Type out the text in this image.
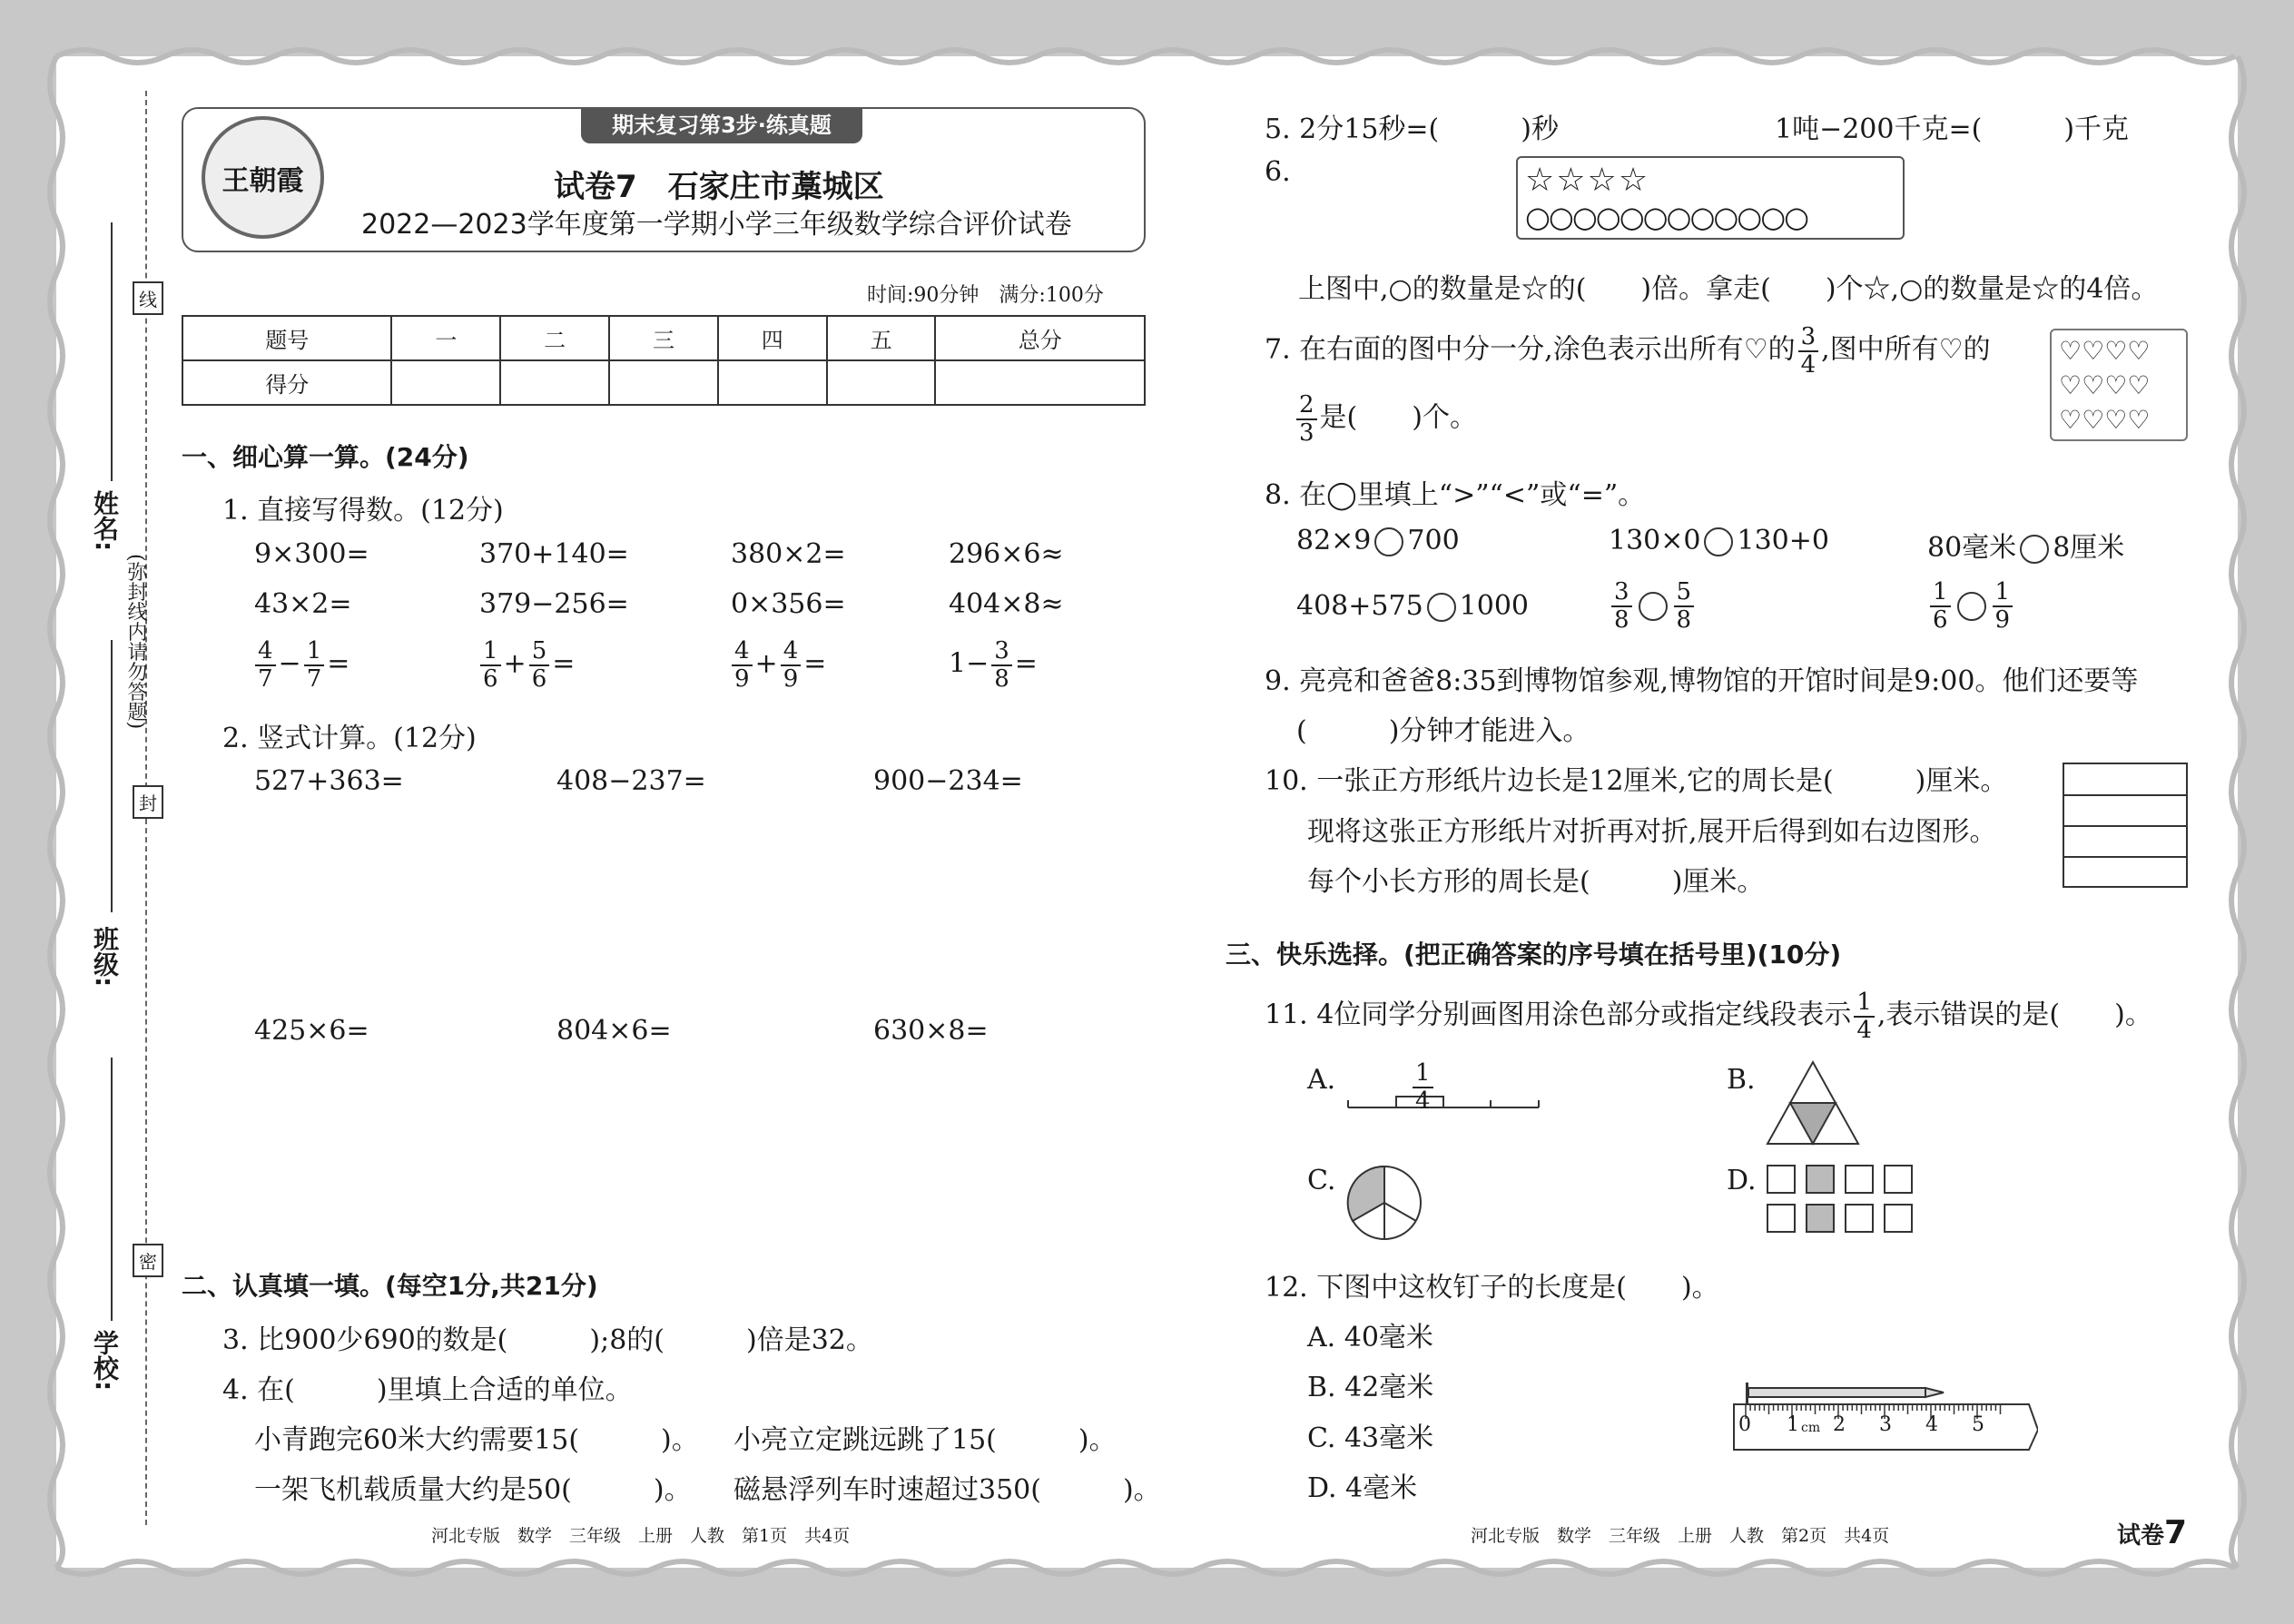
姓名:
班级:
学校:
线
封
密
(弥封线内请勿答题)
期末复习第3步·练真题
王朝霞	试卷7　石家庄市藁城区
2022—2023学年度第一学期小学三年级数学综合评价试卷
时间:90分钟　满分:100分
题号	一	二	三	四	五	总分
得分						
一、细心算一算。(24分)
1. 直接写得数。(12分)
9×300=	370+140=	380×2=	296×6≈
43×2=	379−256=	0×356=	404×8≈
$\frac{4}{7} - \frac{1}{7}$ =	$\frac{1}{6} + \frac{5}{6}$ =	$\frac{4}{9} + \frac{4}{9}$ =	$1- \frac{3}{8}$ =
2. 竖式计算。(12分)
527+363=	408−237=	900−234=
425×6=	804×6=	630×8=
二、认真填一填。(每空1分,共21分)
3. 比900少690的数是(　　　);8的(　　　)倍是32。
4. 在(　　　)里填上合适的单位。
小青跑完60米大约需要15(　　　)。 小亮立定跳远跳了15(　　　)。
一架飞机载质量大约是50(　　　)。 磁悬浮列车时速超过350(　　　)。
河北专版　数学　三年级　上册　人教　第1页　共4页
5. 2分15秒=(　　　)秒	1吨−200千克=(　　　)千克
6.	☆☆☆☆
○○○○○○○○○○○○
上图中,○的数量是☆的(　　)倍。拿走(　　)个☆,○的数量是☆的4倍。
7. 在右面的图中分一分,涂色表示出所有♡的 $\frac{3}{4}$ ,图中所有♡的
$\frac{2}{3}$ 是(　　)个。
♡♡♡♡
♡♡♡♡
♡♡♡♡
8. 在◯里填上“>”“<”或“=”。
82×9 700	130×0 130+0	80毫米 8厘米
408+575 1000	$\frac{3}{8} \frac{5}{8}$	$\frac{1}{6} \frac{1}{9}$
9. 亮亮和爸爸8:35到博物馆参观,博物馆的开馆时间是9:00。他们还要等
(　　　)分钟才能进入。
10. 一张正方形纸片边长是12厘米,它的周长是(　　　)厘米。
现将这张正方形纸片对折再对折,展开后得到如右边图形。
每个小长方形的周长是(　　　)厘米。
三、快乐选择。(把正确答案的序号填在括号里)(10分)
11. 4位同学分别画图用涂色部分或指定线段表示 $\frac{1}{4}$ ,表示错误的是(　　)。
A.	$\frac{1}{4}$	B.
C.	D.
12. 下图中这枚钉子的长度是(　　)。
A. 40毫米
B. 42毫米
C. 43毫米
D. 4毫米
0 1 cm 2 3 4 5
河北专版　数学　三年级　上册　人教　第2页　共4页	试卷7
